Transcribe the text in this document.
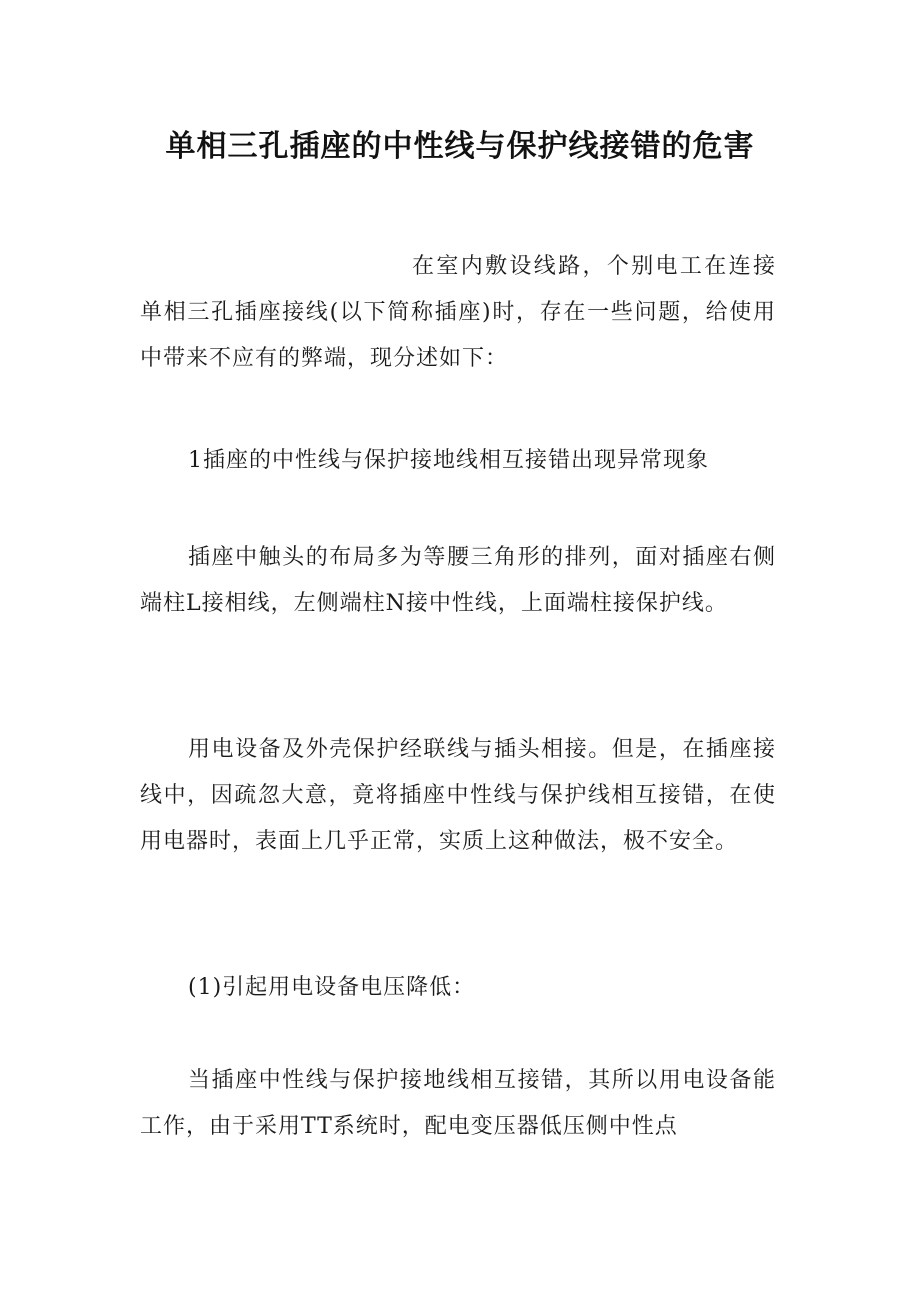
单相三孔插座的中性线与保护线接错的危害

在室内敷设线路，个别电工在连接单相三孔插座接线(以下简称插座)时，存在一些问题，给使用中带来不应有的弊端，现分述如下：

1插座的中性线与保护接地线相互接错出现异常现象

插座中触头的布局多为等腰三角形的排列，面对插座右侧端柱L接相线，左侧端柱N接中性线，上面端柱接保护线。

用电设备及外壳保护经联线与插头相接。但是，在插座接线中，因疏忽大意，竟将插座中性线与保护线相互接错，在使用电器时，表面上几乎正常，实质上这种做法，极不安全。

(1)引起用电设备电压降低：

当插座中性线与保护接地线相互接错，其所以用电设备能工作，由于采用TT系统时，配电变压器低压侧中性点
